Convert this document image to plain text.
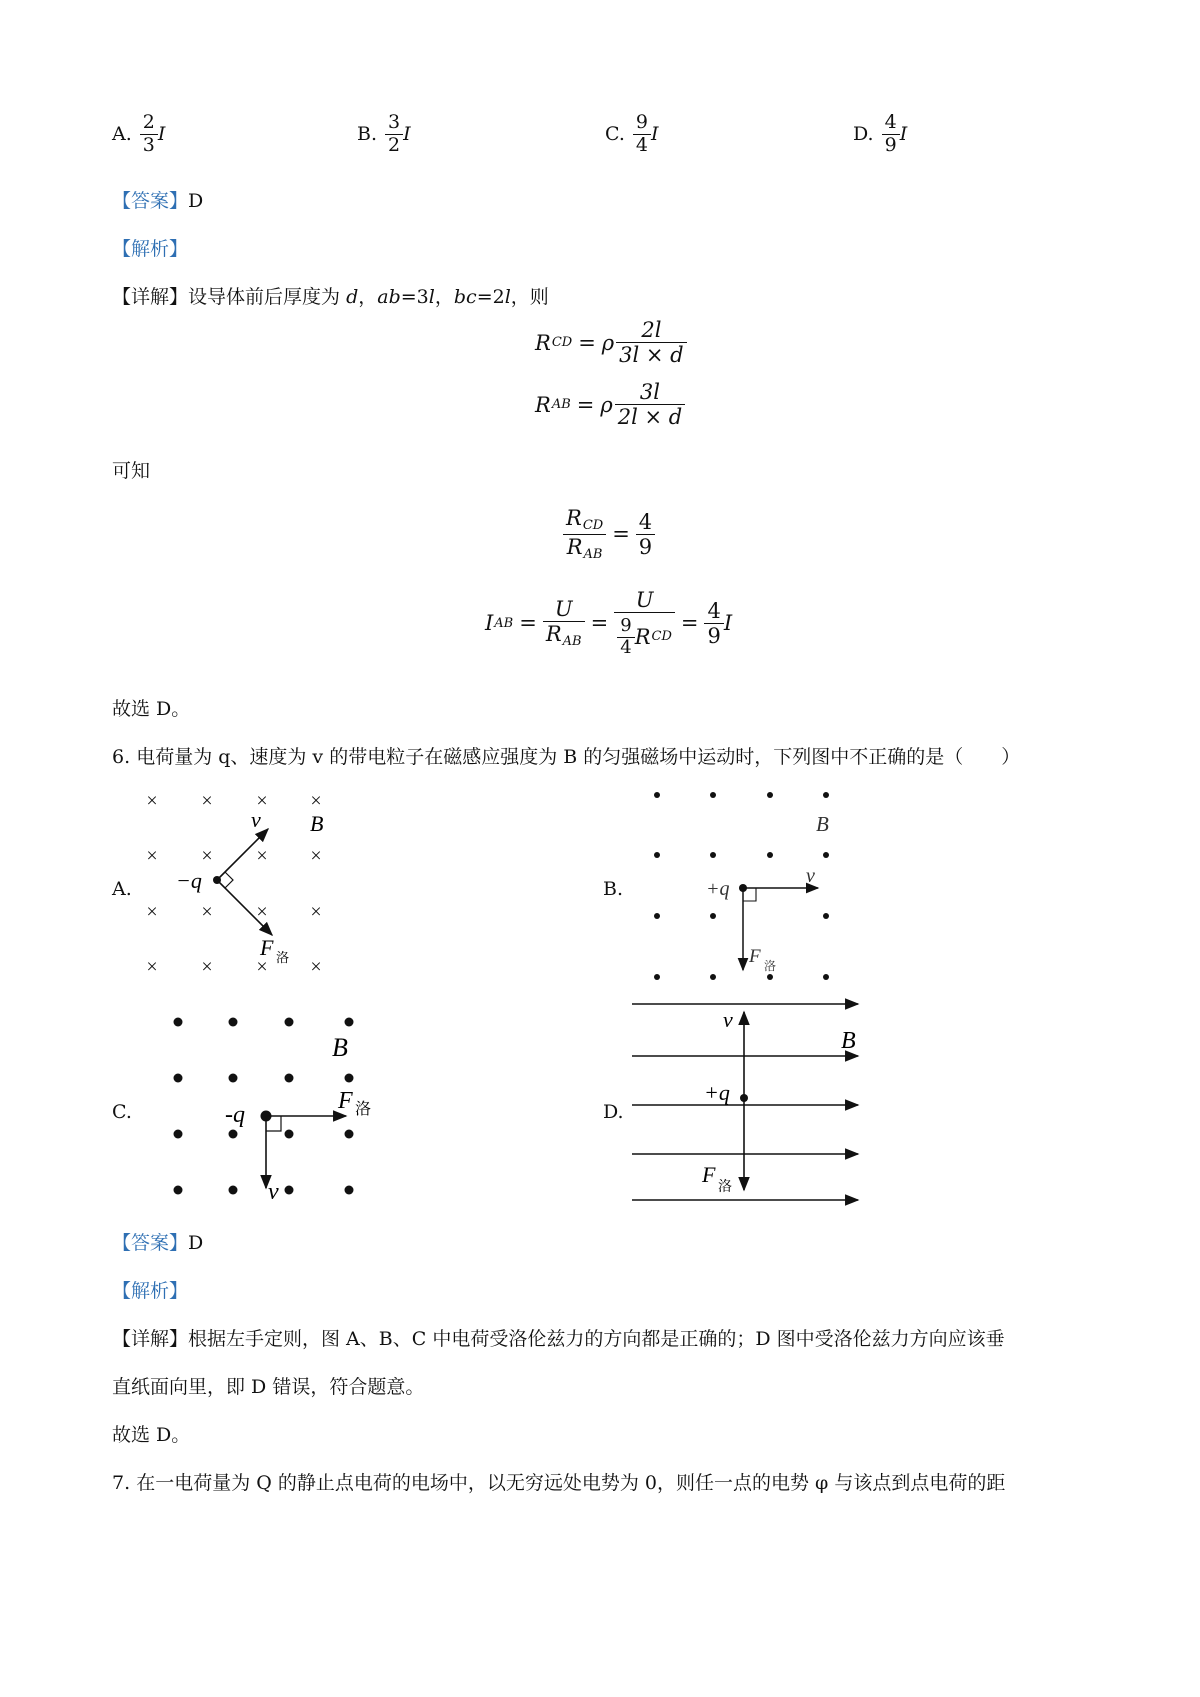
A. $\frac{2}{3}$ I	B. $\frac{3}{2}$ I	C. $\frac{9}{4}$ I	D. $\frac{4}{9}$ I
【答案】D
【解析】
【详解】设导体前后厚度为 d，ab=3l，bc=2l，则
R CD = ρ $\frac{2l}{3l \times d}$
R AB = ρ $\frac{3l}{2l \times d}$
可知
$\frac{R_{CD}}{R_{AB}} = \frac{4}{9}$
I AB = $\frac{U}{R_{AB}} = \frac{U}{\frac{9}{4} R CD} = \frac{4}{9}$ I
故选 D。
6. 电荷量为 q、速度为 v 的带电粒子在磁感应强度为 B 的匀强磁场中运动时，下列图中不正确的是（　　）
A.	B.
C.	D.
× × × ×
× × × ×
× × × ×
× × × ×
v B
−q
F 洛
B
+q
v
F 洛
B
-q
F 洛
v
v
B
+q
F
洛
【答案】D
【解析】
【详解】根据左手定则，图 A、B、C 中电荷受洛伦兹力的方向都是正确的；D 图中受洛伦兹力方向应该垂
直纸面向里，即 D 错误，符合题意。
故选 D。
7. 在一电荷量为 Q 的静止点电荷的电场中，以无穷远处电势为 0，则任一点的电势 φ 与该点到点电荷的距
